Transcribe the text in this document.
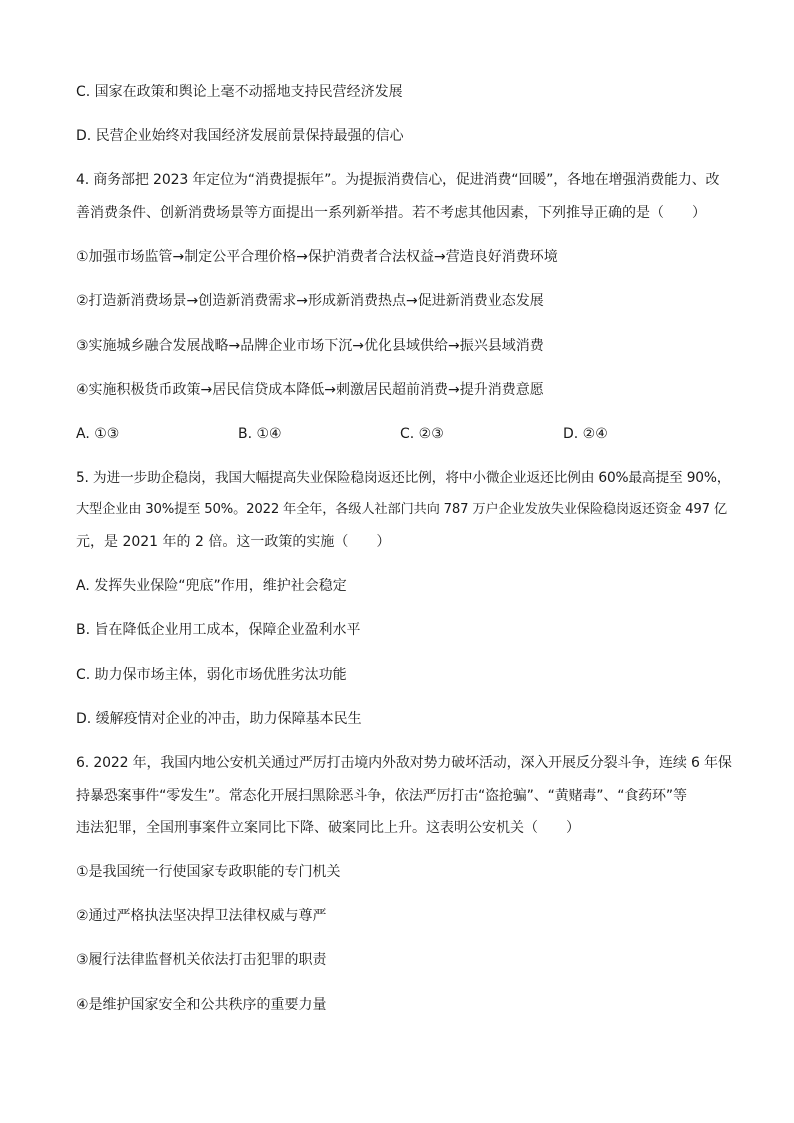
C. 国家在政策和舆论上毫不动摇地支持民营经济发展
D. 民营企业始终对我国经济发展前景保持最强的信心
4. 商务部把 2023 年定位为“消费提振年”。为提振消费信心，促进消费“回暖”，各地在增强消费能力、改
善消费条件、创新消费场景等方面提出一系列新举措。若不考虑其他因素，下列推导正确的是（　　）
①加强市场监管→制定公平合理价格→保护消费者合法权益→营造良好消费环境
②打造新消费场景→创造新消费需求→形成新消费热点→促进新消费业态发展
③实施城乡融合发展战略→品牌企业市场下沉→优化县域供给→振兴县域消费
④实施积极货币政策→居民信贷成本降低→刺激居民超前消费→提升消费意愿
A. ①③	B. ①④	C. ②③	D. ②④
5. 为进一步助企稳岗，我国大幅提高失业保险稳岗返还比例，将中小微企业返还比例由 60%最高提至 90%，
大型企业由 30%提至 50%。2022 年全年，各级人社部门共向 787 万户企业发放失业保险稳岗返还资金 497 亿
元，是 2021 年的 2 倍。这一政策的实施（　　）
A. 发挥失业保险“兜底”作用，维护社会稳定
B. 旨在降低企业用工成本，保障企业盈利水平
C. 助力保市场主体，弱化市场优胜劣汰功能
D. 缓解疫情对企业的冲击，助力保障基本民生
6. 2022 年，我国内地公安机关通过严厉打击境内外敌对势力破坏活动，深入开展反分裂斗争，连续 6 年保
持暴恐案事件“零发生”。常态化开展扫黑除恶斗争，依法严厉打击“盗抢骗”、“黄赌毒”、“食药环”等
违法犯罪，全国刑事案件立案同比下降、破案同比上升。这表明公安机关（　　）
①是我国统一行使国家专政职能的专门机关
②通过严格执法坚决捍卫法律权威与尊严
③履行法律监督机关依法打击犯罪的职责
④是维护国家安全和公共秩序的重要力量
